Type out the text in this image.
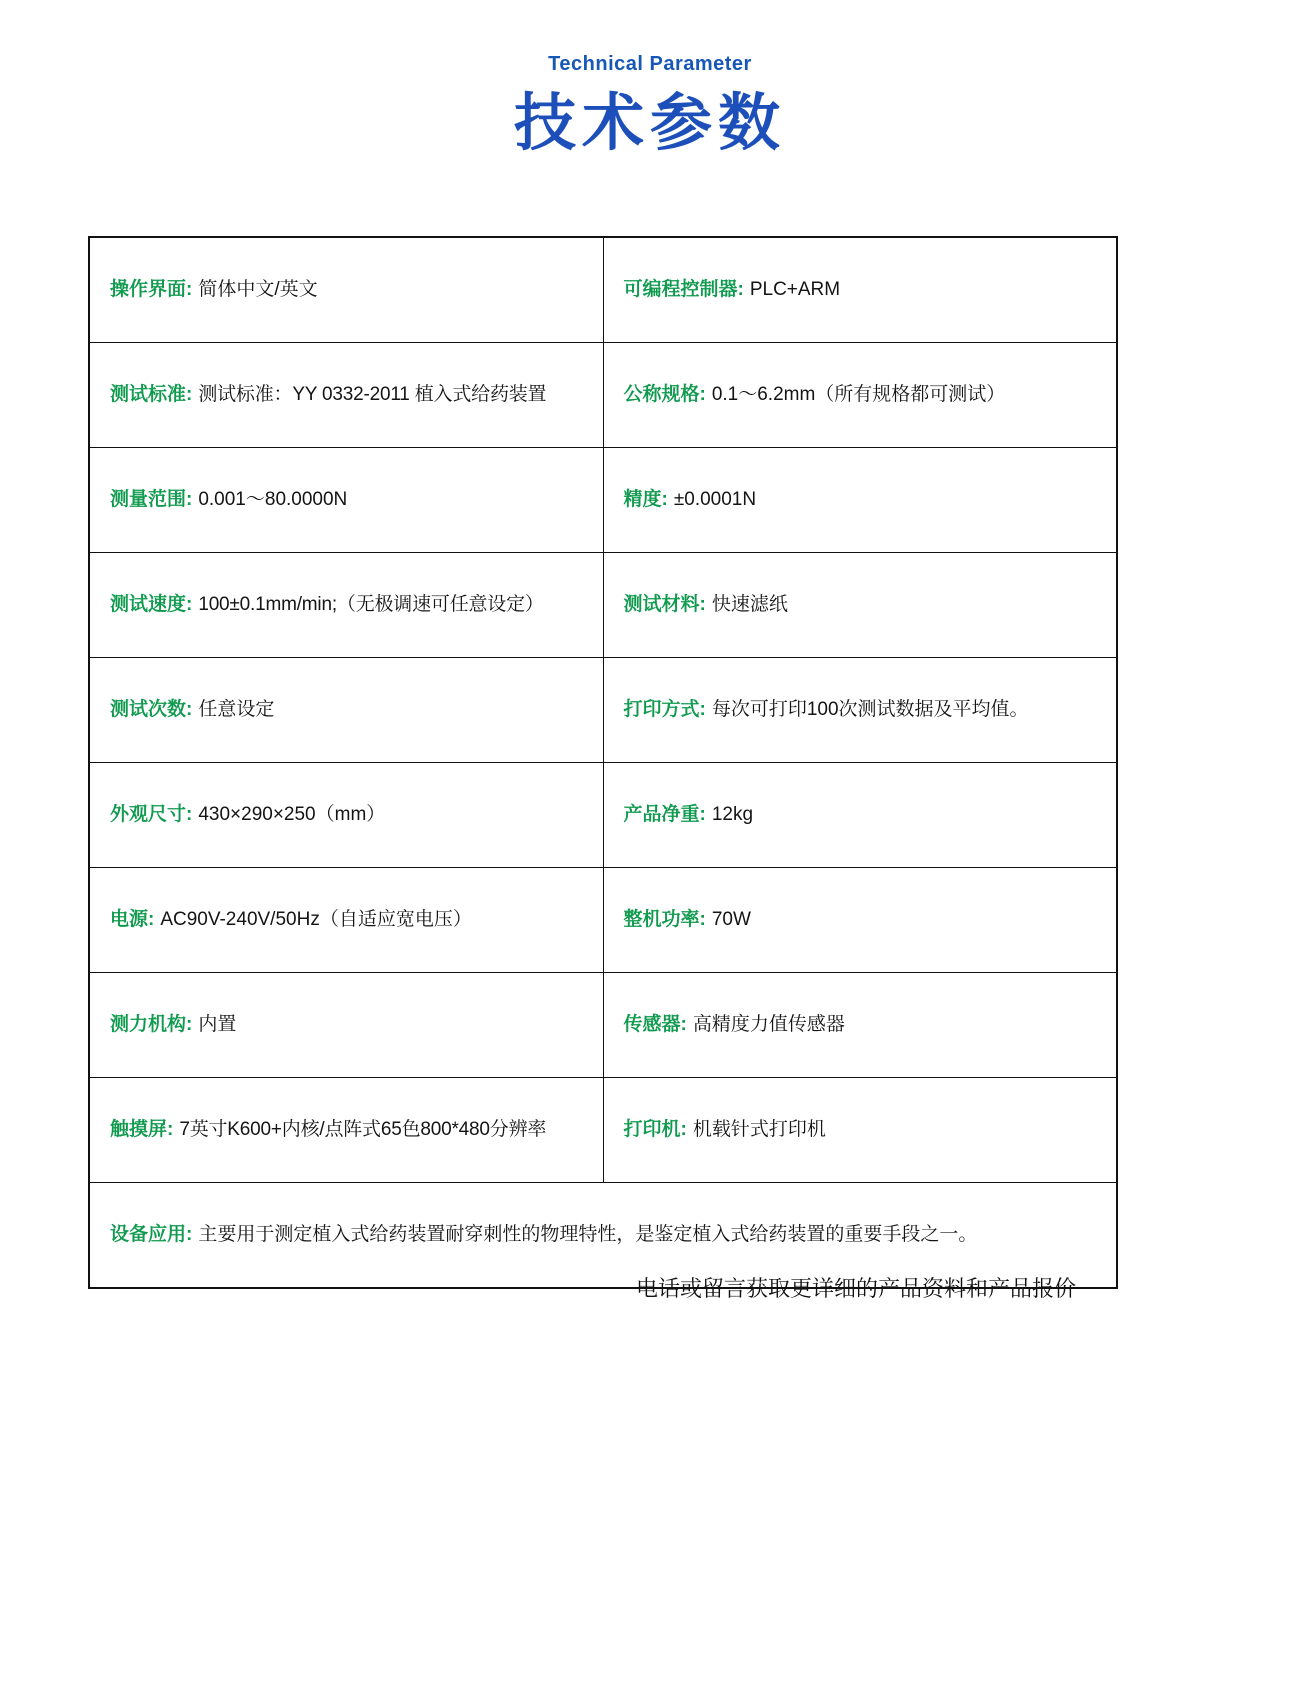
Technical Parameter
技术参数
操作界面: 简体中文/英文	可编程控制器: PLC+ARM

测试标准: 测试标准：YY 0332-2011 植入式给药装置	公称规格: 0.1～6.2mm（所有规格都可测试）

测量范围: 0.001～80.0000N	精度: ±0.0001N

测试速度: 100±0.1mm/min;（无极调速可任意设定）	测试材料: 快速滤纸

测试次数: 任意设定	打印方式: 每次可打印100次测试数据及平均值。

外观尺寸: 430×290×250（mm）	产品净重: 12kg

电源: AC90V-240V/50Hz（自适应宽电压）	整机功率: 70W

测力机构: 内置	传感器: 高精度力值传感器

触摸屏: 7英寸K600+内核/点阵式65色800*480分辨率	打印机: 机载针式打印机

设备应用: 主要用于测定植入式给药装置耐穿刺性的物理特性，是鉴定植入式给药装置的重要手段之一。	
电话或留言获取更详细的产品资料和产品报价
